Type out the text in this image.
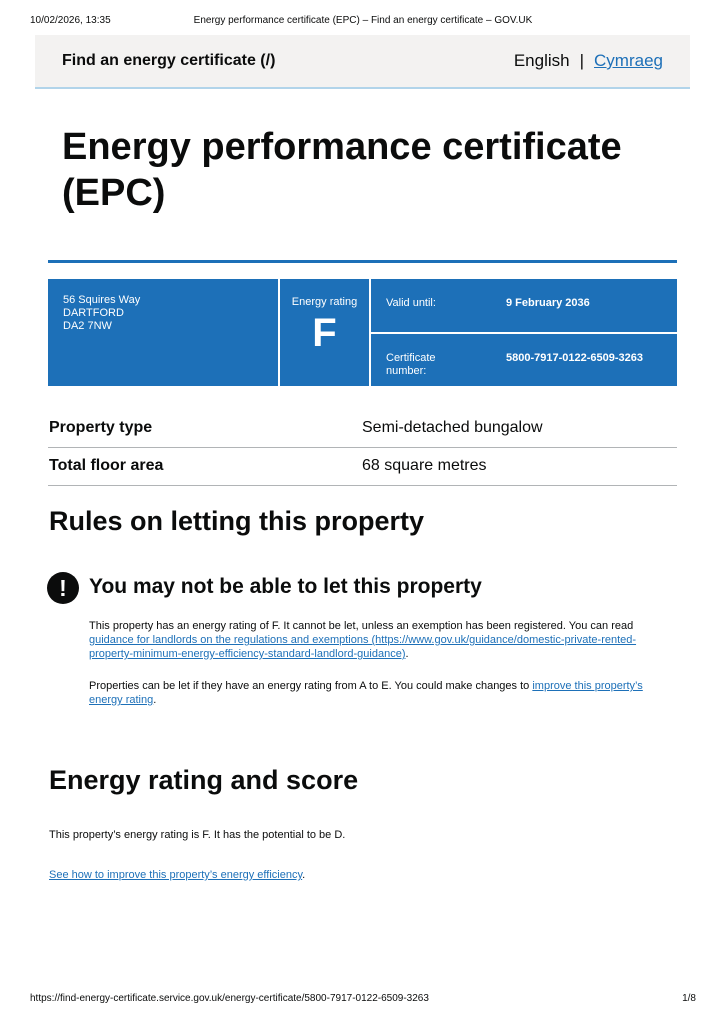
10/02/2026, 13:35	Energy performance certificate (EPC) – Find an energy certificate – GOV.UK
Find an energy certificate (/)	English | Cymraeg
Energy performance certificate (EPC)
56 Squires Way
DARTFORD
DA2 7NW
Energy rating
F
Valid until:	9 February 2036
Certificate number:
5800-7917-0122-6509-3263
Property type	Semi-detached bungalow
Total floor area	68 square metres
Rules on letting this property
!	You may not be able to let this property

This property has an energy rating of F. It cannot be let, unless an exemption has been registered. You can read guidance for landlords on the regulations and exemptions (https://www.gov.uk/guidance/domestic-private-rented-property-minimum-energy-efficiency-standard-landlord-guidance).

Properties can be let if they have an energy rating from A to E. You could make changes to improve this property’s energy rating.

Energy rating and score

This property’s energy rating is F. It has the potential to be D.

See how to improve this property’s energy efficiency.

https://find-energy-certificate.service.gov.uk/energy-certificate/5800-7917-0122-6509-3263	1/8
